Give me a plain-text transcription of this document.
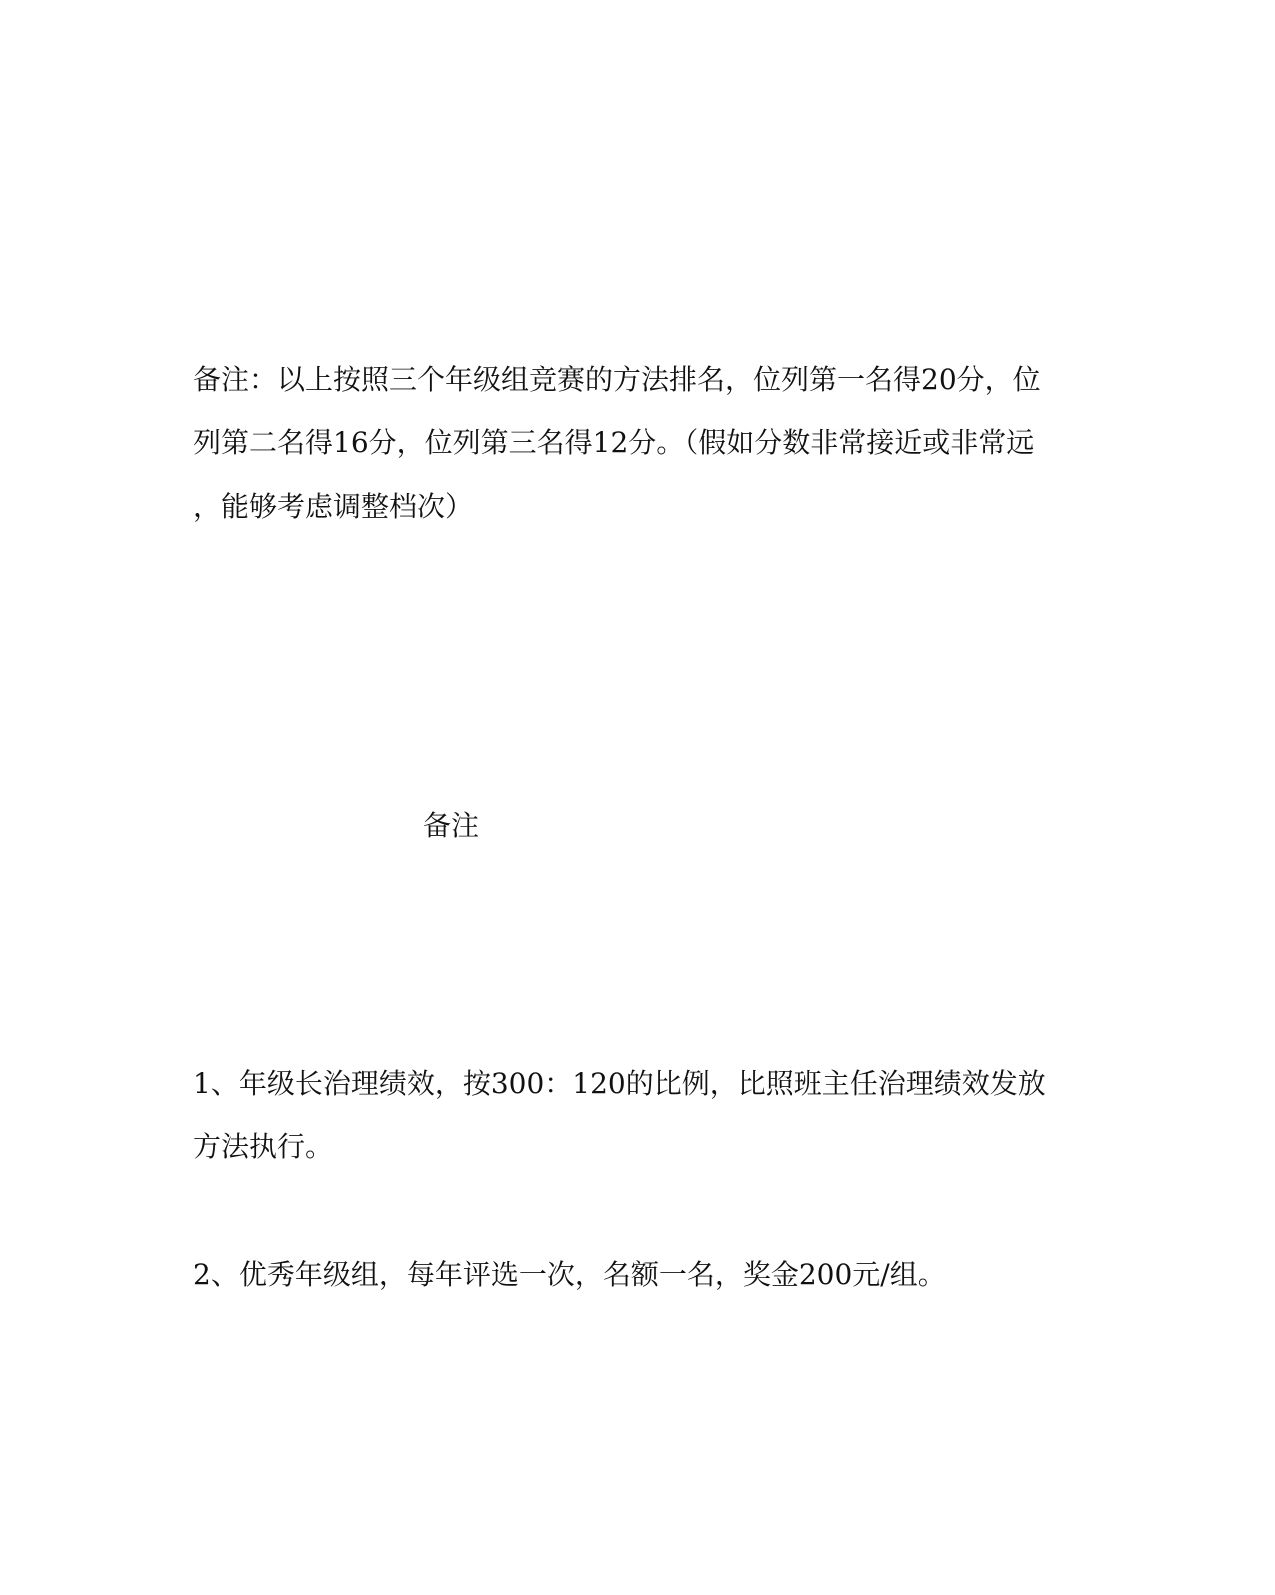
备注：以上按照三个年级组竞赛的方法排名，位列第一名得20分，位
列第二名得16分，位列第三名得12分。（假如分数非常接近或非常远
，能够考虑调整档次）
备注
1、年级长治理绩效，按300：120的比例，比照班主任治理绩效发放
方法执行。
2、优秀年级组，每年评选一次，名额一名，奖金200元/组。
